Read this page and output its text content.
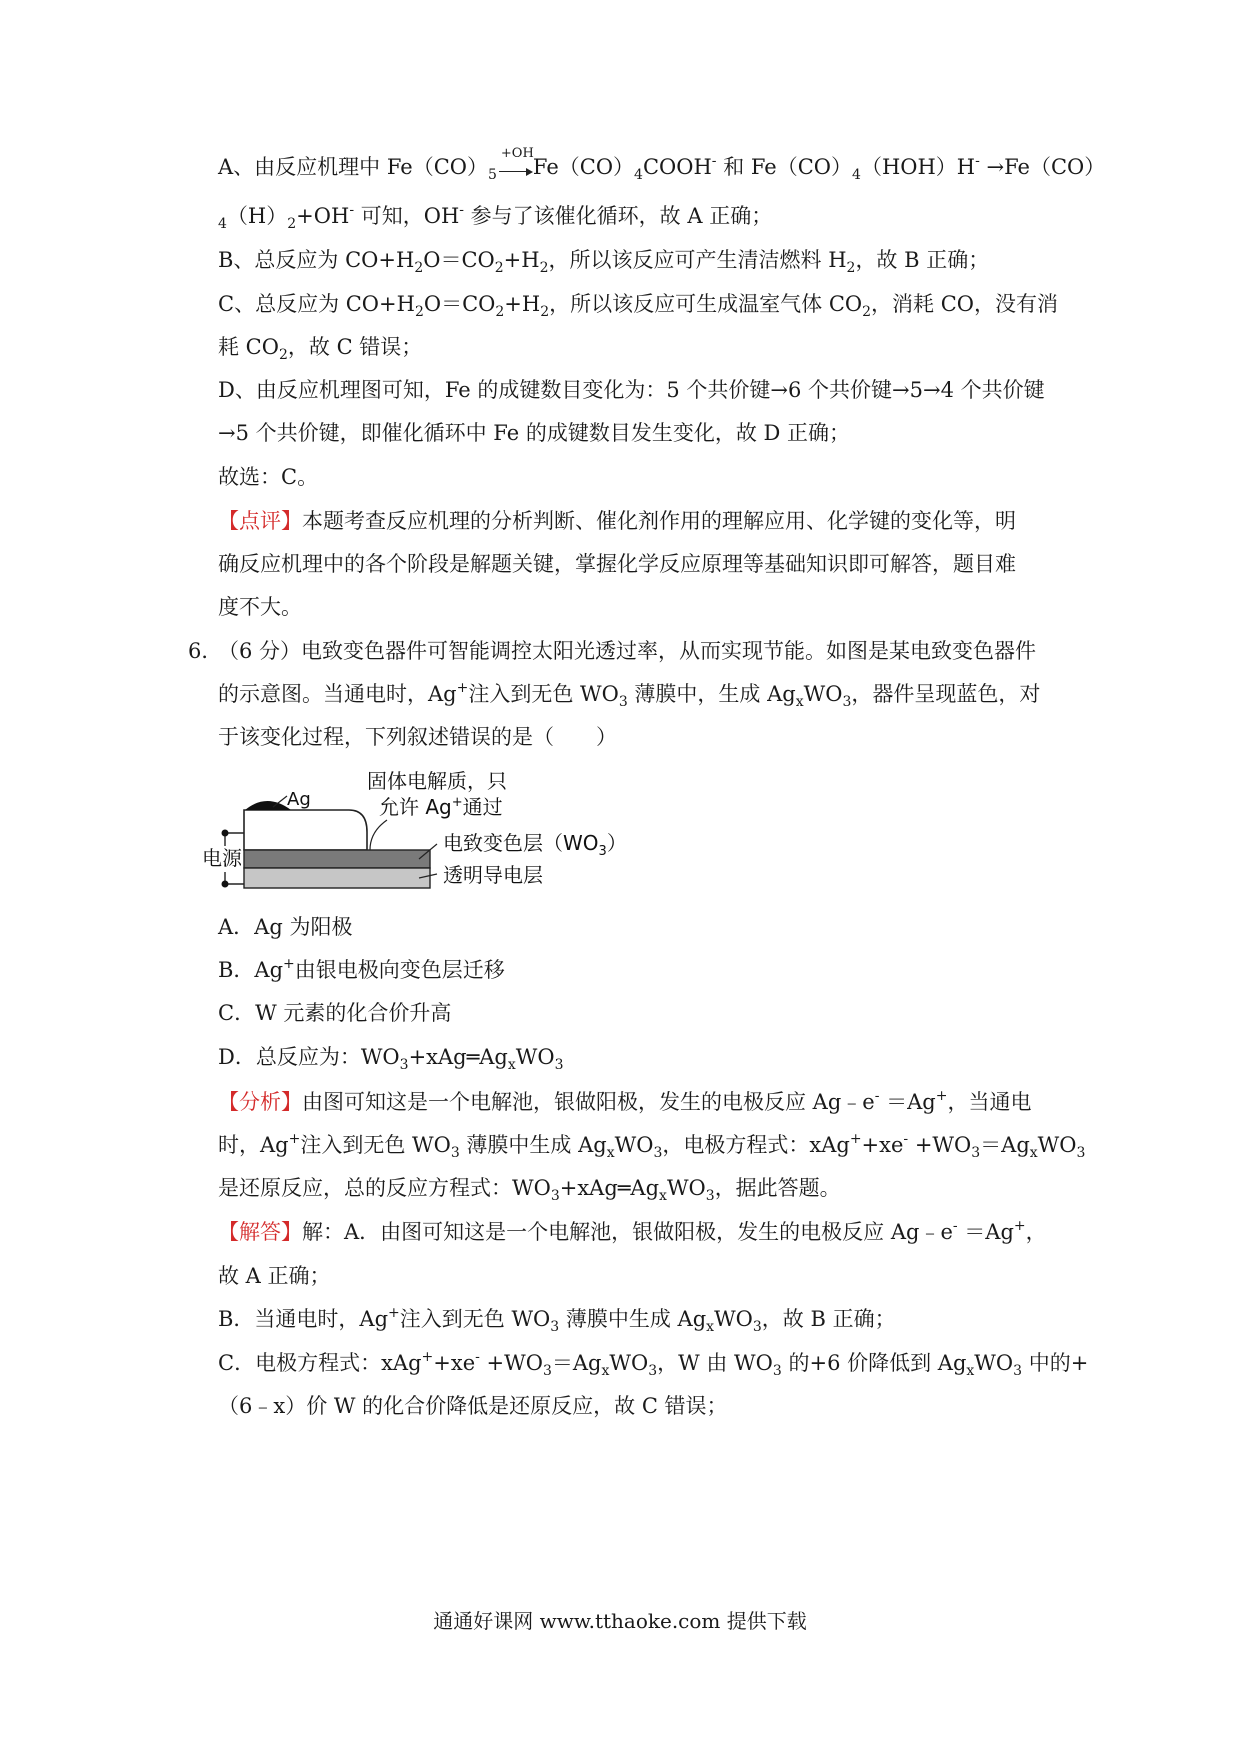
A、由反应机理中 $Fe(CO)_5$
+OH
$Fe(CO)_4COOH^-$ 和 $Fe(CO)_4(HOH)H^- \to Fe(CO)$
$_4(H)_2+OH^-$ 可知，OH- 参与了该催化循环，故 A 正确；
B、总反应为 $CO+H_2O=CO_2+H_2$，所以该反应可产生清洁燃料 $H_2$，故 B 正确；
C、总反应为 $CO+H_2O=CO_2+H_2$，所以该反应可生成温室气体 $CO_2$，消耗 CO，没有消
耗 $CO_2$，故 C 错误；
D、由反应机理图可知，Fe 的成键数目变化为：5 个共价键→6 个共价键→5→4 个共价键
→5 个共价键，即催化循环中 Fe 的成键数目发生变化，故 D 正确；
故选：C。
【点评】本题考查反应机理的分析判断、催化剂作用的理解应用、化学键的变化等，明
确反应机理中的各个阶段是解题关键，掌握化学反应原理等基础知识即可解答，题目难
度不大。
6．
（6 分）电致变色器件可智能调控太阳光透过率，从而实现节能。如图是某电致变色器件
的示意图。当通电时，Ag+注入到无色 $WO_3$ 薄膜中，生成 $Ag_xWO_3$，器件呈现蓝色，对
于该变化过程，下列叙述错误的是（　　）
A．Ag 为阳极
B．Ag+由银电极向变色层迁移
C．W 元素的化合价升高
D．总反应为：$WO_3+xAg═Ag_xWO_3$
【分析】由图可知这是一个电解池，银做阳极，发生的电极反应 Ag﹣e- ＝Ag+，当通电
时，Ag+注入到无色 $WO_3$ 薄膜中生成 $Ag_xWO_3$，电极方程式：$xAg^++xe^- +WO_3=Ag_xWO_3$
是还原反应，总的反应方程式：$WO_3+xAg═Ag_xWO_3$，据此答题。
【解答】解：A．由图可知这是一个电解池，银做阳极，发生的电极反应 Ag﹣e- ＝Ag+，
故 A 正确；
B．当通电时，Ag+注入到无色 $WO_3$ 薄膜中生成 $Ag_xWO_3$，故 B 正确；
C．电极方程式：$xAg^++xe^- +WO_3=Ag_xWO_3$，W 由 $WO_3$ 的+6 价降低到 $Ag_xWO_3$ 中的+
（6﹣x）价 W 的化合价降低是还原反应，故 C 错误；
电源
Ag
固体电解质，只
允许 Ag+通过
电致变色层$(WO_3)$
透明导电层
通通好课网 www.tthaoke.com 提供下载
